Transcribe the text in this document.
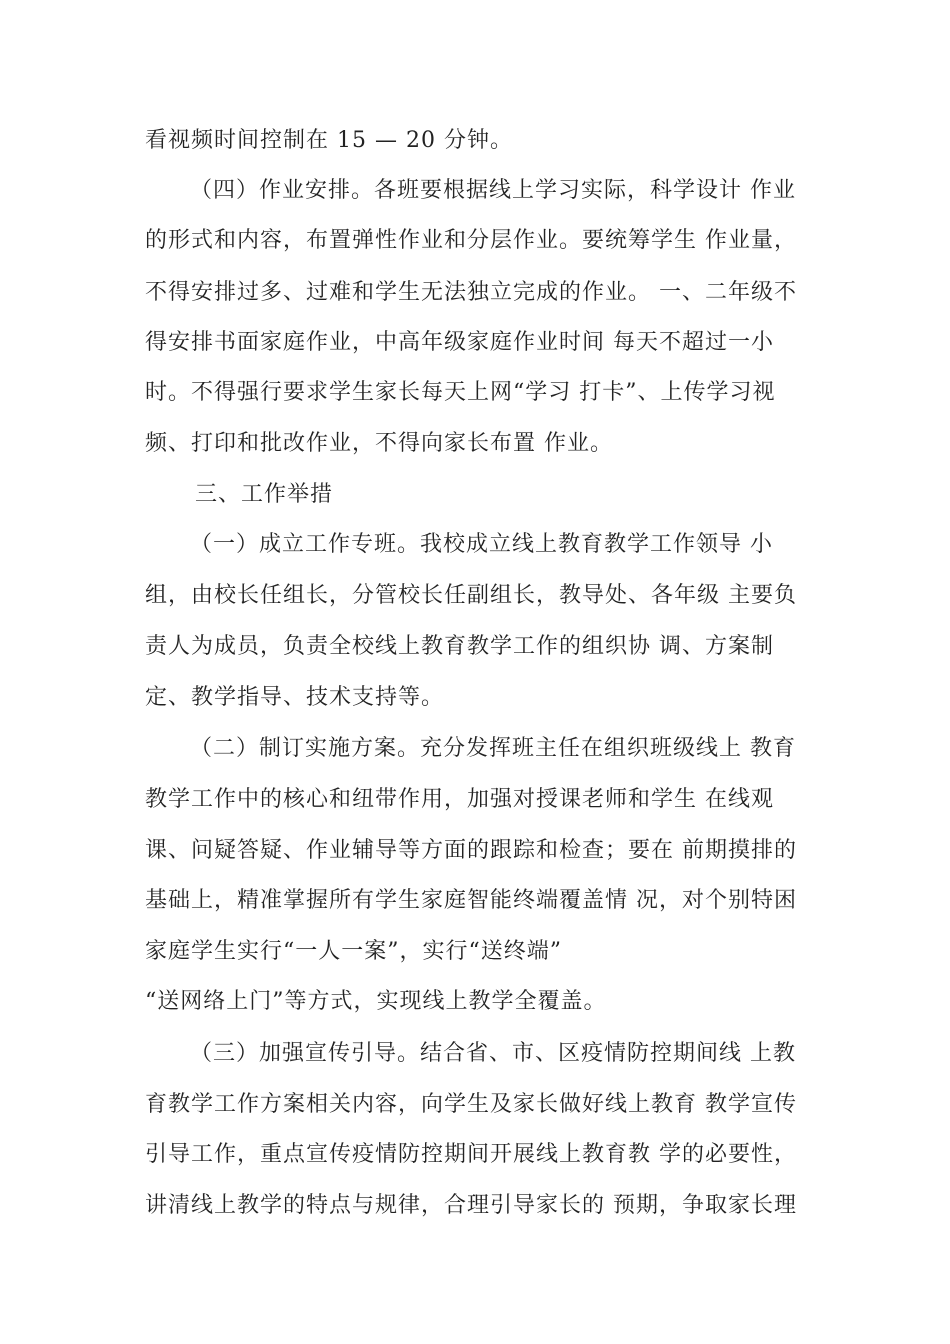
看视频时间控制在 15 — 20 分钟。
（四）作业安排。各班要根据线上学习实际，科学设计 作业
的形式和内容，布置弹性作业和分层作业。要统筹学生 作业量，
不得安排过多、过难和学生无法独立完成的作业。 一、二年级不
得安排书面家庭作业，中高年级家庭作业时间 每天不超过一小
时。不得强行要求学生家长每天上网“学习 打卡”、上传学习视
频、打印和批改作业，不得向家长布置 作业。
三、工作举措
（一）成立工作专班。我校成立线上教育教学工作领导 小
组，由校长任组长，分管校长任副组长，教导处、各年级 主要负
责人为成员，负责全校线上教育教学工作的组织协 调、方案制
定、教学指导、技术支持等。
（二）制订实施方案。充分发挥班主任在组织班级线上 教育
教学工作中的核心和纽带作用，加强对授课老师和学生 在线观
课、问疑答疑、作业辅导等方面的跟踪和检查；要在 前期摸排的
基础上，精准掌握所有学生家庭智能终端覆盖情 况，对个别特困
家庭学生实行“一人一案”，实行“送终端”
“送网络上门”等方式，实现线上教学全覆盖。
（三）加强宣传引导。结合省、市、区疫情防控期间线 上教
育教学工作方案相关内容，向学生及家长做好线上教育 教学宣传
引导工作，重点宣传疫情防控期间开展线上教育教 学的必要性，
讲清线上教学的特点与规律，合理引导家长的 预期，争取家长理
